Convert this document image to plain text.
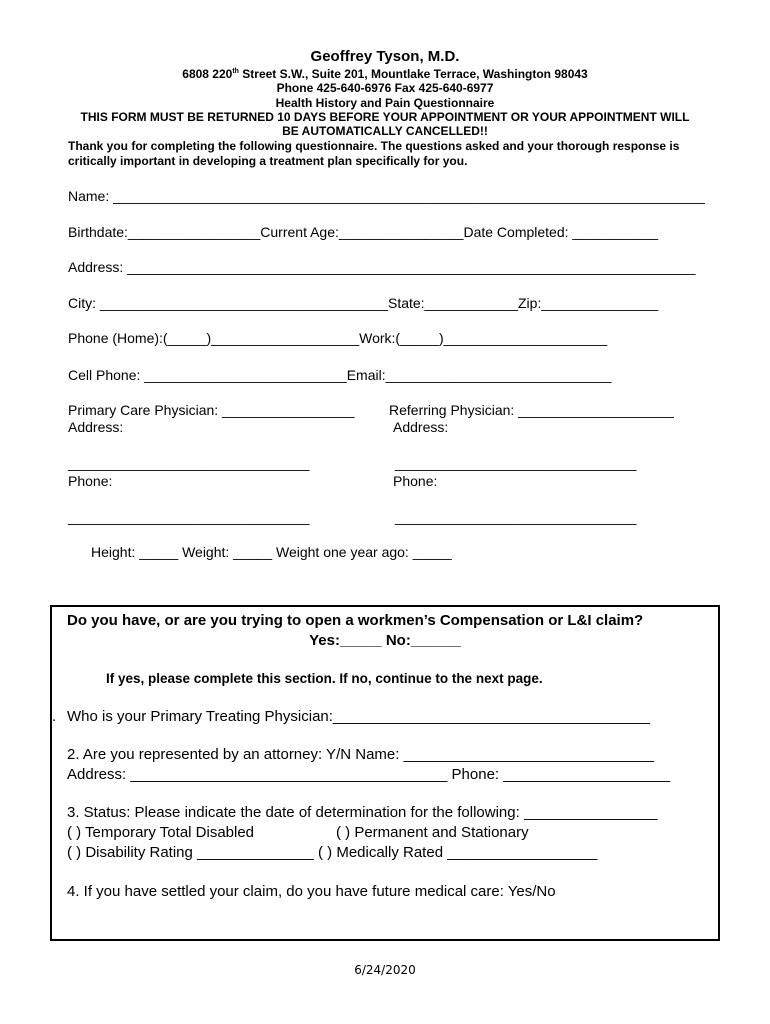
Geoffrey Tyson, M.D.
6808 220th Street S.W., Suite 201, Mountlake Terrace, Washington 98043
Phone 425-640-6976 Fax 425-640-6977
Health History and Pain Questionnaire
THIS FORM MUST BE RETURNED 10 DAYS BEFORE YOUR APPOINTMENT OR YOUR APPOINTMENT WILL
BE AUTOMATICALLY CANCELLED!!
Thank you for completing the following questionnaire. The questions asked and your thorough response is
critically important in developing a treatment plan specifically for you.
Name: ____________________________________________________________________________
Birthdate:_________________Current Age:________________Date Completed: ___________
Address: _________________________________________________________________________
City: _____________________________________State:____________Zip:_______________
Phone (Home):(_____)___________________Work:(_____)_____________________
Cell Phone: __________________________Email:_____________________________
Primary Care Physician: _________________ Referring Physician: ____________________
Address:	Address:
_______________________________	_______________________________
Phone:	Phone:
_______________________________	_______________________________
Height: _____ Weight: _____ Weight one year ago: _____
Do you have, or are you trying to open a workmen’s Compensation or L&I claim?
Yes:_____ No:______
If yes, please complete this section. If no, continue to the next page.
. Who is your Primary Treating Physician:______________________________________
2. Are you represented by an attorney: Y/N Name: ______________________________
Address: ______________________________________ Phone: ____________________
3. Status: Please indicate the date of determination for the following: ________________
( ) Temporary Total Disabled	( ) Permanent and Stationary
( ) Disability Rating ______________ ( ) Medically Rated __________________
4. If you have settled your claim, do you have future medical care: Yes/No
6/24/2020
